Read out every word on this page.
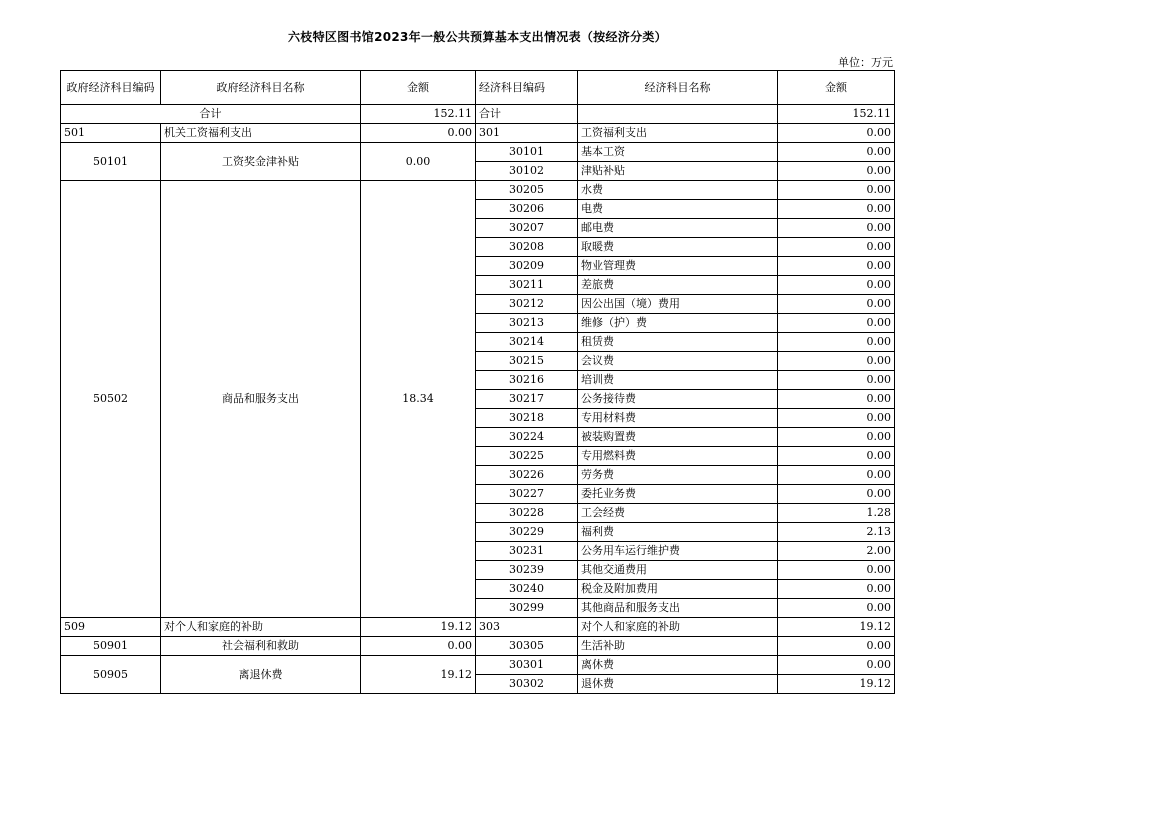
六枝特区图书馆2023年一般公共预算基本支出情况表（按经济分类）
单位：万元
政府经济科目编码	政府经济科目名称	金额	经济科目编码	经济科目名称	金额
合计		152.11	合计		152.11
501	机关工资福利支出	0.00	301	工资福利支出	0.00
50101	工资奖金津补贴	0.00	30101	基本工资	0.00
			30102	津贴补贴	0.00
50502	商品和服务支出	18.34	30205	水费	0.00
			30206	电费	0.00
			30207	邮电费	0.00
			30208	取暖费	0.00
			30209	物业管理费	0.00
			30211	差旅费	0.00
			30212	因公出国（境）费用	0.00
			30213	维修（护）费	0.00
			30214	租赁费	0.00
			30215	会议费	0.00
			30216	培训费	0.00
			30217	公务接待费	0.00
			30218	专用材料费	0.00
			30224	被装购置费	0.00
			30225	专用燃料费	0.00
			30226	劳务费	0.00
			30227	委托业务费	0.00
			30228	工会经费	1.28
			30229	福利费	2.13
			30231	公务用车运行维护费	2.00
			30239	其他交通费用	0.00
			30240	税金及附加费用	0.00
			30299	其他商品和服务支出	0.00
509	对个人和家庭的补助	19.12	303	对个人和家庭的补助	19.12
50901	社会福利和救助	0.00	30305	生活补助	0.00
50905	离退休费	19.12	30301	离休费	0.00
			30302	退休费	19.12
